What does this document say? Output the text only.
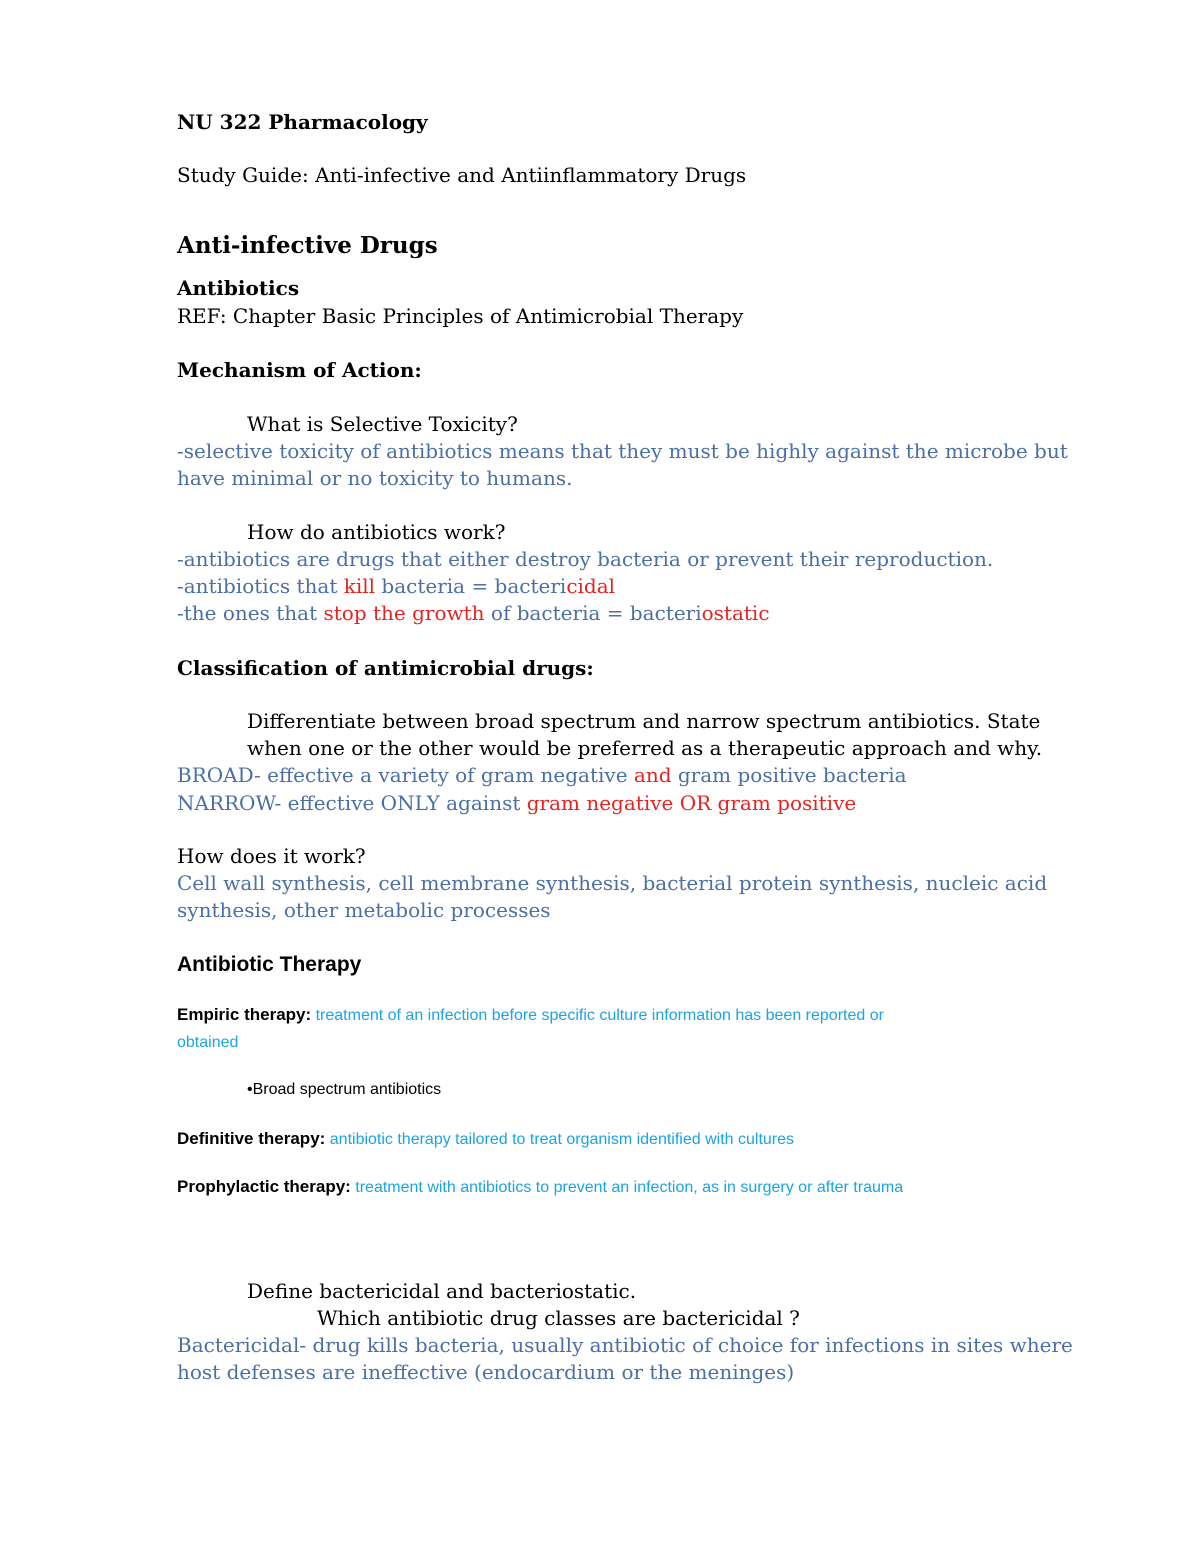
NU 322 Pharmacology
Study Guide: Anti-infective and Antiinflammatory Drugs
Anti-infective Drugs
Antibiotics
REF: Chapter Basic Principles of Antimicrobial Therapy
Mechanism of Action:
What is Selective Toxicity?
-selective toxicity of antibiotics means that they must be highly against the microbe but
have minimal or no toxicity to humans.
How do antibiotics work?
-antibiotics are drugs that either destroy bacteria or prevent their reproduction.
-antibiotics that kill bacteria = bactericidal
-the ones that stop the growth of bacteria = bacteriostatic
Classification of antimicrobial drugs:
Differentiate between broad spectrum and narrow spectrum antibiotics. State
when one or the other would be preferred as a therapeutic approach and why.
BROAD- effective a variety of gram negative and gram positive bacteria
NARROW- effective ONLY against gram negative OR gram positive
How does it work?
Cell wall synthesis, cell membrane synthesis, bacterial protein synthesis, nucleic acid
synthesis, other metabolic processes
Antibiotic Therapy
Empiric therapy: treatment of an infection before specific culture information has been reported or
obtained
•Broad spectrum antibiotics
Definitive therapy: antibiotic therapy tailored to treat organism identified with cultures
Prophylactic therapy: treatment with antibiotics to prevent an infection, as in surgery or after trauma
Define bactericidal and bacteriostatic.
Which antibiotic drug classes are bactericidal ?
Bactericidal- drug kills bacteria, usually antibiotic of choice for infections in sites where
host defenses are ineffective (endocardium or the meninges)
